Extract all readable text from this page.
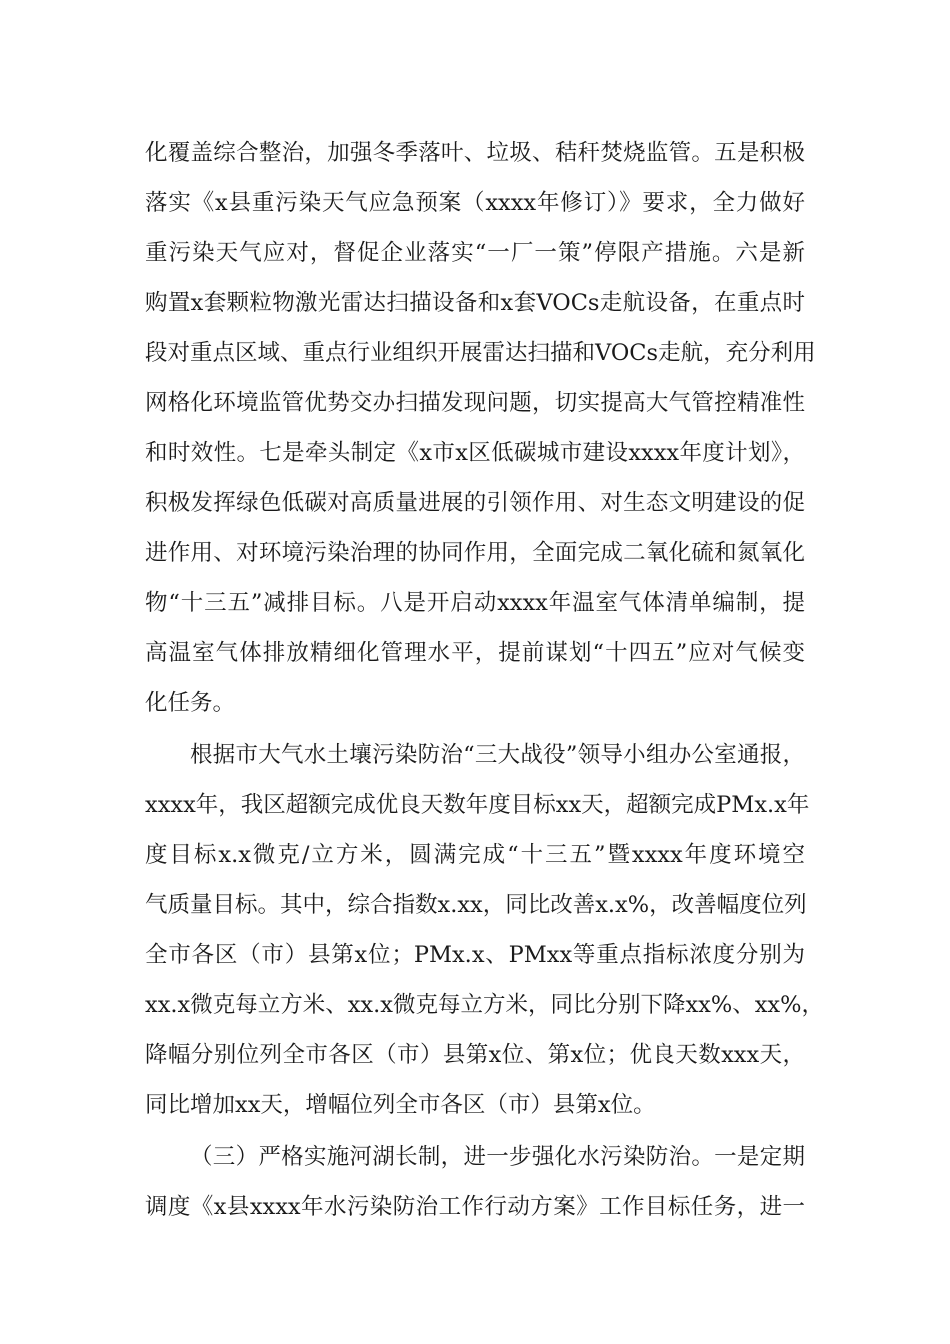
化覆盖综合整治，加强冬季落叶、垃圾、秸秆焚烧监管。五是积极
落实《x县重污染天气应急预案（xxxx年修订）》要求，全力做好
重污染天气应对，督促企业落实“一厂一策”停限产措施。六是新
购置x套颗粒物激光雷达扫描设备和x套VOCs走航设备，在重点时
段对重点区域、重点行业组织开展雷达扫描和VOCs走航，充分利用
网格化环境监管优势交办扫描发现问题，切实提高大气管控精准性
和时效性。七是牵头制定《x市x区低碳城市建设xxxx年度计划》，
积极发挥绿色低碳对高质量进展的引领作用、对生态文明建设的促
进作用、对环境污染治理的协同作用，全面完成二氧化硫和氮氧化
物“十三五”减排目标。八是开启动xxxx年温室气体清单编制，提
高温室气体排放精细化管理水平，提前谋划“十四五”应对气候变
化任务。
根据市大气水土壤污染防治“三大战役”领导小组办公室通报，
xxxx年，我区超额完成优良天数年度目标xx天，超额完成PMx.x年
度目标x.x微克/立方米，圆满完成“十三五”暨xxxx年度环境空
气质量目标。其中，综合指数x.xx，同比改善x.x%，改善幅度位列
全市各区（市）县第x位；PMx.x、PMxx等重点指标浓度分别为
xx.x微克每立方米、xx.x微克每立方米，同比分别下降xx%、xx%，
降幅分别位列全市各区（市）县第x位、第x位；优良天数xxx天，
同比增加xx天，增幅位列全市各区（市）县第x位。
（三）严格实施河湖长制，进一步强化水污染防治。一是定期
调度《x县xxxx年水污染防治工作行动方案》工作目标任务，进一
